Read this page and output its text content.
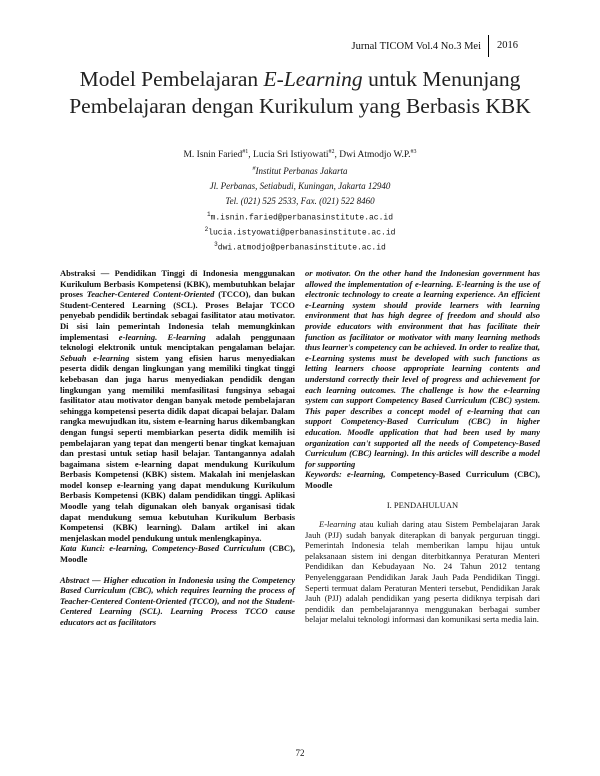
Jurnal TICOM Vol.4 No.3 Mei	2016
Model Pembelajaran E-Learning untuk Menunjang Pembelajaran dengan Kurikulum yang Berbasis KBK
M. Isnin Faried$^{\#1}$, Lucia Sri Istiyowati$^{\#2}$, Dwi Atmodjo W.P.$^{\#3}$
#Institut Perbanas Jakarta
Jl. Perbanas, Setiabudi, Kuningan, Jakarta 12940
Tel. (021) 525 2533, Fax. (021) 522 8460
$^1$m.isnin.faried@perbanasinstitute.ac.id
$^2$lucia.istyowati@perbanasinstitute.ac.id
$^3$dwi.atmodjo@perbanasinstitute.ac.id

Abstraksi — Pendidikan Tinggi di Indonesia menggunakan Kurikulum Berbasis Kompetensi (KBK), membutuhkan belajar proses Teacher-Centered Content-Oriented (TCCO), dan bukan Student-Centered Learning (SCL). Proses Belajar TCCO penyebab pendidik bertindak sebagai fasilitator atau motivator. Di sisi lain pemerintah Indonesia telah memungkinkan implementasi e-learning. E-learning adalah penggunaan teknologi elektronik untuk menciptakan pengalaman belajar. Sebuah e-learning sistem yang efisien harus menyediakan peserta didik dengan lingkungan yang memiliki tingkat tinggi kebebasan dan juga harus menyediakan pendidik dengan lingkungan yang memiliki memfasilitasi fungsinya sebagai fasilitator atau motivator dengan banyak metode pembelajaran sehingga kompetensi peserta didik dapat dicapai belajar. Dalam rangka mewujudkan itu, sistem e-learning harus dikembangkan dengan fungsi seperti membiarkan peserta didik memilih isi pembelajaran yang tepat dan mengerti benar tingkat kemajuan dan prestasi untuk setiap hasil belajar. Tantangannya adalah bagaimana sistem e-learning dapat mendukung Kurikulum Berbasis Kompetensi (KBK) sistem. Makalah ini menjelaskan model konsep e-learning yang dapat mendukung Kurikulum Berbasis Kompetensi (KBK) dalam pendidikan tinggi. Aplikasi Moodle yang telah digunakan oleh banyak organisasi tidak dapat mendukung semua kebutuhan Kurikulum Berbasis Kompetensi (KBK) learning). Dalam artikel ini akan menjelaskan model pendukung untuk menlengkapinya.

Kata Kunci: e-learning, Competency-Based Curriculum (CBC), Moodle

Abstract — Higher education in Indonesia using the Competency Based Curriculum (CBC), which requires learning the process of Teacher-Centered Content-Oriented (TCCO), and not the Student-Centered Learning (SCL). Learning Process TCCO cause educators act as facilitators

or motivator. On the other hand the Indonesian government has allowed the implementation of e-learning. E-learning is the use of electronic technology to create a learning experience. An efficient e-Learning system should provide learners with learning environment that has high degree of freedom and should also provide educators with environment that has facilitate their function as facilitator or motivator with many learning methods thus learner's competency can be achieved. In order to realize that, e-Learning systems must be developed with such functions as letting learners choose appropriate learning contents and understand correctly their level of progress and achievement for each learning outcomes. The challenge is how the e-learning system can support Competency Based Curriculum (CBC) system. This paper describes a concept model of e-learning that can support Competency-Based Curriculum (CBC) in higher education. Moodle application that had been used by many organization can't supported all the needs of Competency-Based Curriculum (CBC) learning). In this articles will describe a model for supporting

Keywords: e-learning, Competency-Based Curriculum (CBC), Moodle

I. PENDAHULUAN

E-learning atau kuliah daring atau Sistem Pembelajaran Jarak Jauh (PJJ) sudah banyak diterapkan di banyak perguruan tinggi. Pemerintah Indonesia telah memberikan lampu hijau untuk pelaksanaan sistem ini dengan diterbitkannya Peraturan Menteri Pendidikan dan Kebudayaan No. 24 Tahun 2012 tentang Penyelenggaraan Pendidikan Jarak Jauh Pada Pendidikan Tinggi. Seperti termuat dalam Peraturan Menteri tersebut, Pendidikan Jarak Jauh (PJJ) adalah pendidikan yang peserta didiknya terpisah dari pendidik dan pembelajarannya menggunakan berbagai sumber belajar melalui teknologi informasi dan komunikasi serta media lain.

72
